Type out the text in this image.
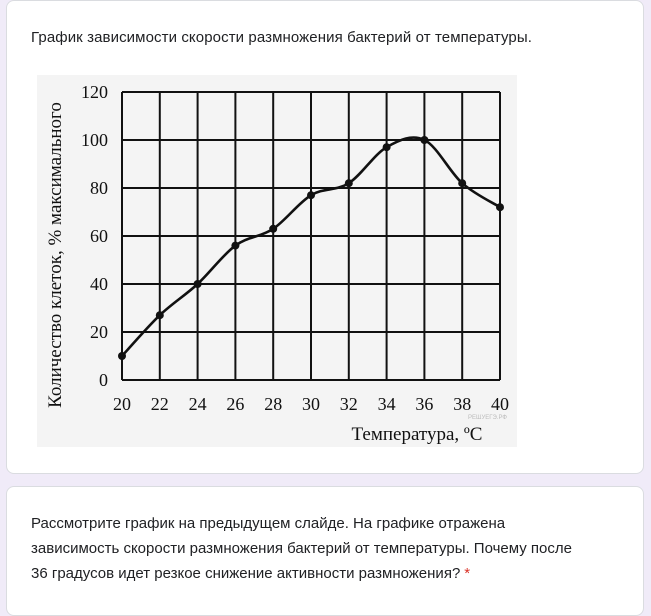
График зависимости скорости размножения бактерий от температуры.
0
20
40
60
80
100
120
20 22 24 26 28 30 32 34 36 38 40
Количество клеток, % максимального
Температура, ºС
РЕШУЕГЭ.РФ
Рассмотрите график на предыдущем слайде. На графике отражена зависимость скорости размножения бактерий от температуры. Почему после 36 градусов идет резкое снижение активности размножения? *
